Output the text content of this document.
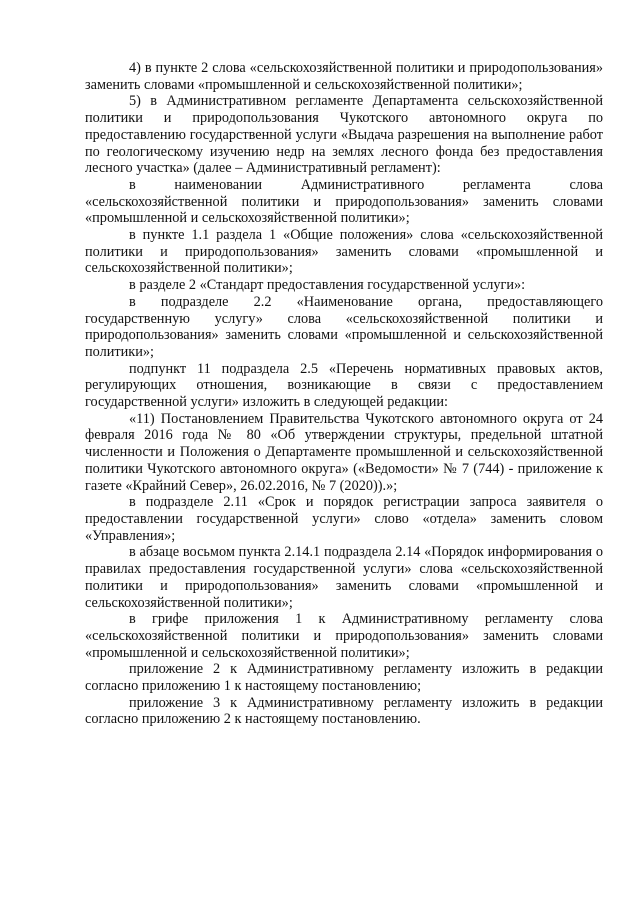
4) в пункте 2 слова «сельскохозяйственной политики и природопользования» заменить словами «промышленной и сельскохозяйственной политики»;

5) в Административном регламенте Департамента сельскохозяйственной политики и природопользования Чукотского автономного округа по предоставлению государственной услуги «Выдача разрешения на выполнение работ по геологическому изучению недр на землях лесного фонда без предоставления лесного участка» (далее – Административный регламент):

в наименовании Административного регламента слова «сельскохозяйственной политики и природопользования» заменить словами «промышленной и сельскохозяйственной политики»;

в пункте 1.1 раздела 1 «Общие положения» слова «сельскохозяйственной политики и природопользования» заменить словами «промышленной и сельскохозяйственной политики»;

в разделе 2 «Стандарт предоставления государственной услуги»:

в подразделе 2.2 «Наименование органа, предоставляющего государственную услугу» слова «сельскохозяйственной политики и природопользования» заменить словами «промышленной и сельскохозяйственной политики»;

подпункт 11 подраздела 2.5 «Перечень нормативных правовых актов, регулирующих отношения, возникающие в связи с предоставлением государственной услуги» изложить в следующей редакции:

«11) Постановлением Правительства Чукотского автономного округа от 24 февраля 2016 года № 80 «Об утверждении структуры, предельной штатной численности и Положения о Департаменте промышленной и сельскохозяйственной политики Чукотского автономного округа» («Ведомости» № 7 (744) - приложение к газете «Крайний Север», 26.02.2016, № 7 (2020)).»;

в подразделе 2.11 «Срок и порядок регистрации запроса заявителя о предоставлении государственной услуги» слово «отдела» заменить словом «Управления»;

в абзаце восьмом пункта 2.14.1 подраздела 2.14 «Порядок информирования о правилах предоставления государственной услуги» слова «сельскохозяйственной политики и природопользования» заменить словами «промышленной и сельскохозяйственной политики»;

в грифе приложения 1 к Административному регламенту слова «сельскохозяйственной политики и природопользования» заменить словами «промышленной и сельскохозяйственной политики»;

приложение 2 к Административному регламенту изложить в редакции согласно приложению 1 к настоящему постановлению;

приложение 3 к Административному регламенту изложить в редакции согласно приложению 2 к настоящему постановлению.
